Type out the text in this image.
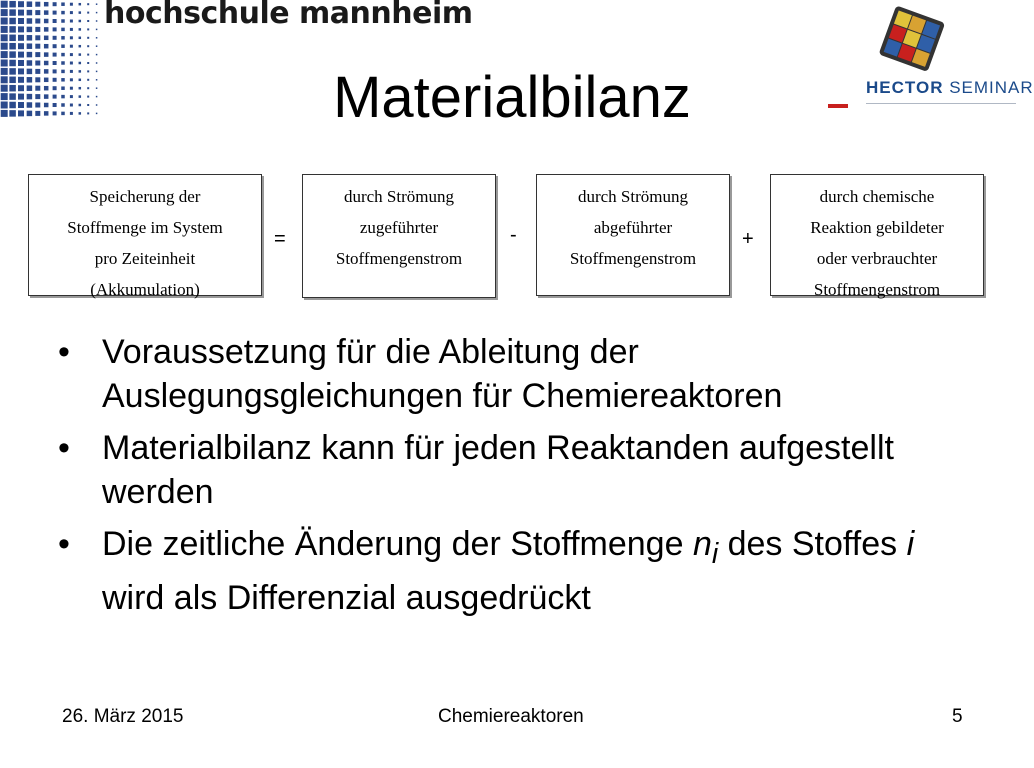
hochschule mannheim
HECTOR SEMINAR
Materialbilanz
Speicherung der
Stoffmenge im System
pro Zeiteinheit
(Akkumulation)
=
durch Strömung
zugeführter
Stoffmengenstrom
-
durch Strömung
abgeführter
Stoffmengenstrom
+
durch chemische
Reaktion gebildeter
oder verbrauchter
Stoffmengenstrom
• Voraussetzung für die Ableitung der Auslegungsgleichungen für Chemiereaktoren
• Materialbilanz kann für jeden Reaktanden aufgestellt werden
• Die zeitliche Änderung der Stoffmenge $n_i$ des Stoffes i wird als Differenzial ausgedrückt
26. März 2015	Chemiereaktoren	5
